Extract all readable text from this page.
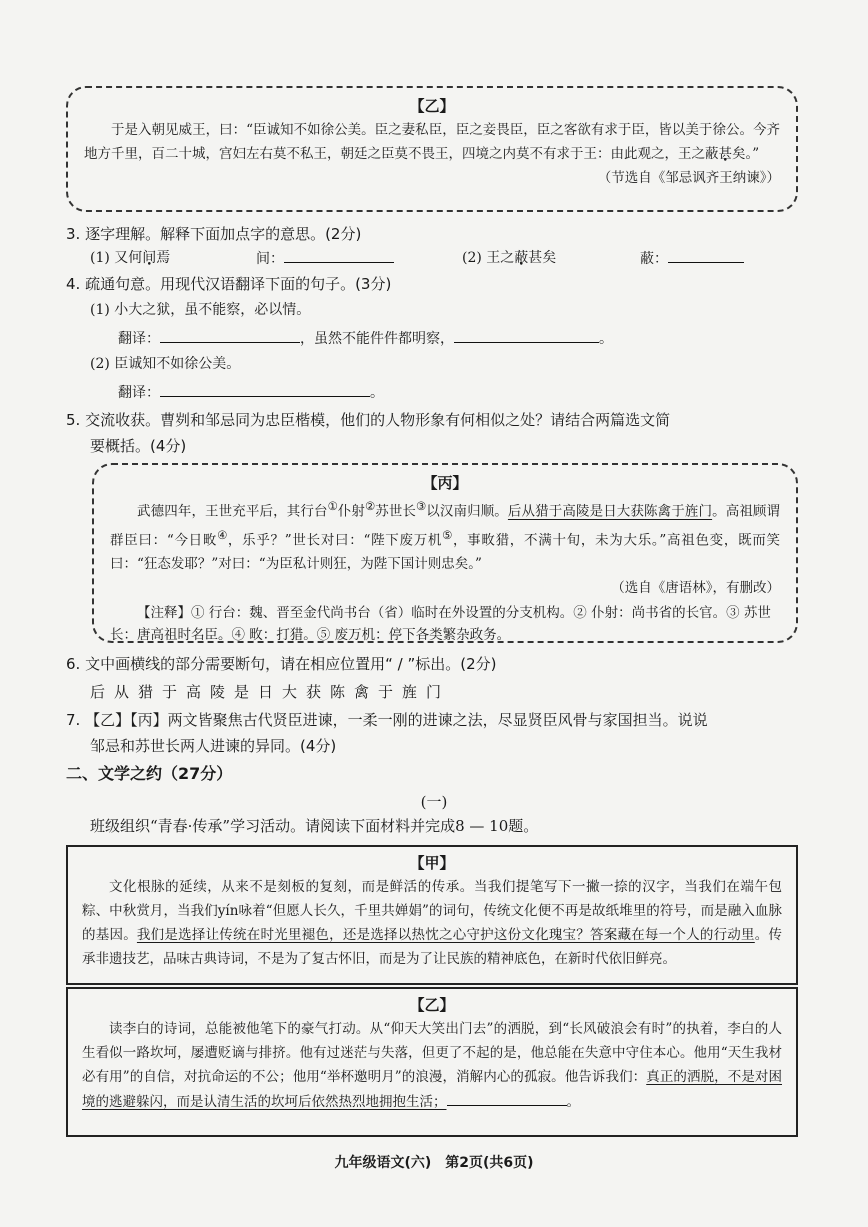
【乙】

于是入朝见威王，曰：“臣诚知不如徐公美。臣之妻私臣，臣之妾畏臣，臣之客欲有求于臣，皆以美于徐公。今齐地方千里，百二十城，宫妇左右莫不私王，朝廷之臣莫不畏王，四境之内莫不有求于王：由此观之，王之蔽甚矣。”

（节选自《邹忌讽齐王纳谏》）

3. 逐字理解。解释下面加点字的意思。(2分)
(1) 又何间焉	间：	(2) 王之蔽甚矣	蔽：
4. 疏通句意。用现代汉语翻译下面的句子。(3分)
(1) 小大之狱，虽不能察，必以情。
翻译：	，虽然不能件件都明察，	。
(2) 臣诚知不如徐公美。
翻译：	。
5. 交流收获。曹刿和邹忌同为忠臣楷模，他们的人物形象有何相似之处？请结合两篇选文简
要概括。(4分)
【丙】

武德四年，王世充平后，其行台①仆射②苏世长③以汉南归顺。后从猎于高陵是日大获陈禽于旌门。高祖顾谓群臣曰：“今日畋④，乐乎？”世长对曰：“陛下废万机⑤，事畋猎，不满十旬，未为大乐。”高祖色变，既而笑曰：“狂态发耶？”对曰：“为臣私计则狂，为陛下国计则忠矣。”

（选自《唐语林》，有删改）

【注释】① 行台：魏、晋至金代尚书台（省）临时在外设置的分支机构。② 仆射：尚书省的长官。③ 苏世长：唐高祖时名臣。④ 畋：打猎。⑤ 废万机：停下各类繁杂政务。

6. 文中画横线的部分需要断句，请在相应位置用“ / ”标出。(2分)
后从猎于高陵是日大获陈禽于旌门
7. 【乙】【丙】两文皆聚焦古代贤臣进谏，一柔一刚的进谏之法，尽显贤臣风骨与家国担当。说说
邹忌和苏世长两人进谏的异同。(4分)
二、文学之约（27分）
(一)
班级组织“青春·传承”学习活动。请阅读下面材料并完成8 — 10题。
【甲】

文化根脉的延续，从来不是刻板的复刻，而是鲜活的传承。当我们提笔写下一撇一捺的汉字，当我们在端午包粽、中秋赏月，当我们yín咏着“但愿人长久，千里共婵娟”的词句，传统文化便不再是故纸堆里的符号，而是融入血脉的基因。我们是选择让传统在时光里褪色，还是选择以热忱之心守护这份文化瑰宝？答案藏在每一个人的行动里。传承非遗技艺，品味古典诗词，不是为了复古怀旧，而是为了让民族的精神底色，在新时代依旧鲜亮。

【乙】

读李白的诗词，总能被他笔下的豪气打动。从“仰天大笑出门去”的洒脱，到“长风破浪会有时”的执着，李白的人生看似一路坎坷，屡遭贬谪与排挤。他有过迷茫与失落，但更了不起的是，他总能在失意中守住本心。他用“天生我材必有用”的自信，对抗命运的不公；他用“举杯邀明月”的浪漫，消解内心的孤寂。他告诉我们：真正的洒脱，不是对困境的逃避躲闪，而是认清生活的坎坷后依然热烈地拥抱生活；	。

九年级语文(六)　第2页(共6页)
